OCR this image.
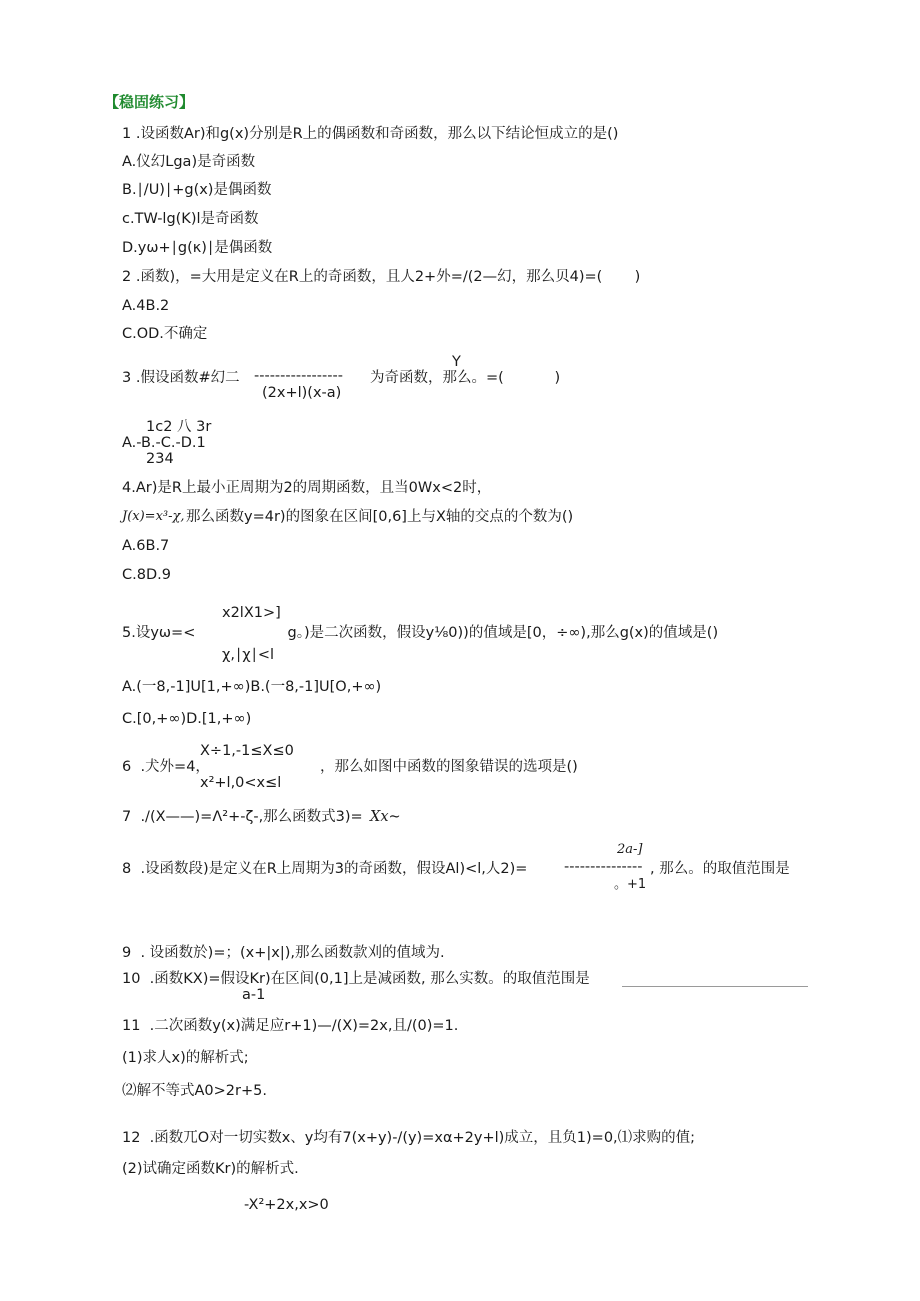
【稳固练习】
1 .设函数Ar)和g(x)分别是R上的偶函数和奇函数，那么以下结论恒成立的是()
A.仪幻Lga)是奇函数
B.∣∕U)∣+g(x)是偶函数
c.TW-lg(K)l是奇函数
D.yω+∣g(κ)∣是偶函数
2 .函数)，=大用是定义在R上的奇函数，且人2+外=/(2—幻，那么贝4)=(       )
A.4B.2
C.OD.不确定
Y
3 .假设函数#幻二 ----------------- 为奇函数，那么。=(           )
(2x+l)(x-a)
1c2 八 3r
A.-B.-C.-D.1
234
4.Ar)是R上最小正周期为2的周期函数，且当0Wx<2时，
J(x)=x³-χ, 那么函数y=4r)的图象在区间[0,6]上与X轴的交点的个数为()
A.6B.7
C.8D.9
x2lX1>]
5.设yω=<                    g。)是二次函数，假设y⅛0))的值域是[0，÷∞),那么g(x)的值域是()
χ,∣χ∣<l
A.(一8,-1]U[1,+∞)B.(一8,-1]U[O,+∞)
C.[0,+∞)D.[1,+∞)
X÷1,-1≤X≤0
6  .犬外=4，	，那么如图中函数的图象错误的选项是()
x²+l,0<x≤l
7  ./(X——)=Λ²+-ζ-,那么函数式3)= Xx~
2a-]
8  .设函数段)是定义在R上周期为3的奇函数，假设Al)<l,人2)=	--------------- , 那么。的取值范围是
。+1
9  . 设函数於)=；(x+|x|),那么函数款刈的值域为.
10  .函数KX)=假设Kr)在区间(0,1]上是减函数, 那么实数。的取值范围是
a-1
11  .二次函数y(x)满足应r+1)—/(X)=2x,且/(0)=1.
(1)求人x)的解析式;
⑵解不等式A0>2r+5.
12  .函数兀O对一切实数x、y均有7(x+y)-∕(y)=xα+2y+l)成立，且负1)=0,⑴求购的值;
(2)试确定函数Kr)的解析式.
-X²+2x,x>0
